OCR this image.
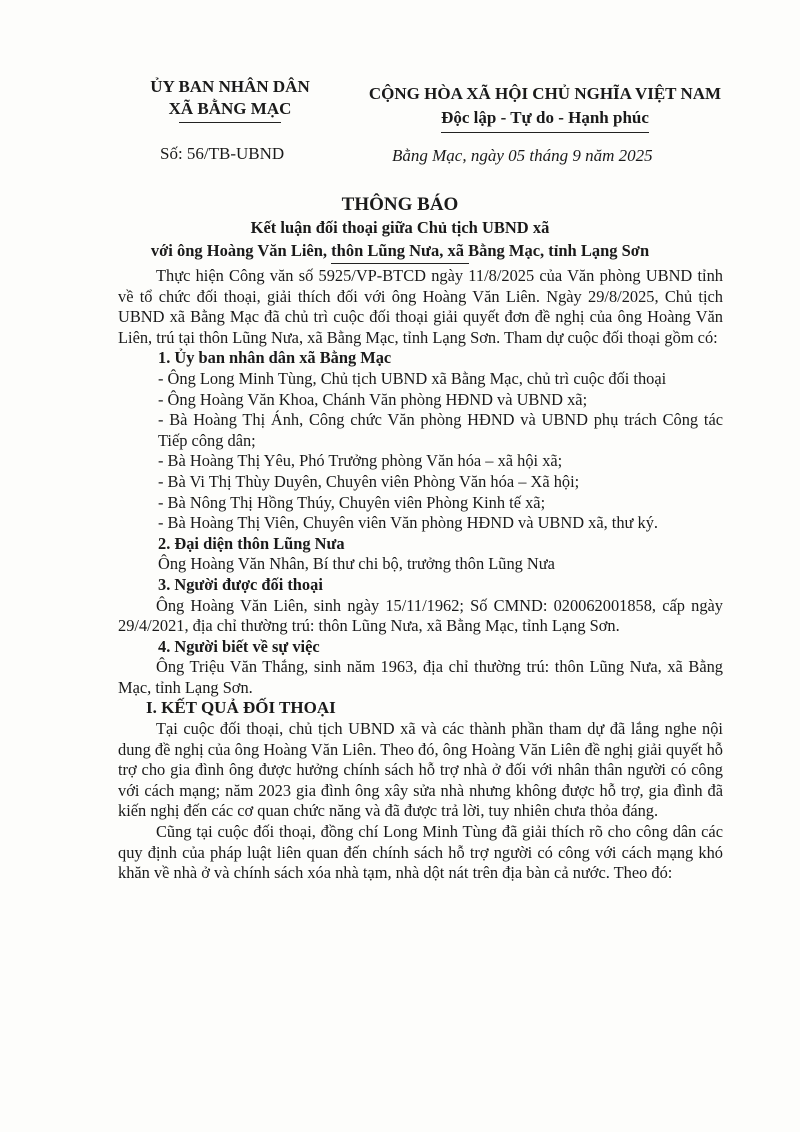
ỦY BAN NHÂN DÂN
XÃ BẰNG MẠC
CỘNG HÒA XÃ HỘI CHỦ NGHĨA VIỆT NAM
Độc lập - Tự do - Hạnh phúc
Số: 56/TB-UBND	Bằng Mạc, ngày 05 tháng 9 năm 2025
THÔNG BÁO
Kết luận đối thoại giữa Chủ tịch UBND xã
với ông Hoàng Văn Liên, thôn Lũng Nưa, xã Bằng Mạc, tỉnh Lạng Sơn

Thực hiện Công văn số 5925/VP-BTCD ngày 11/8/2025 của Văn phòng UBND tỉnh về tổ chức đối thoại, giải thích đối với ông Hoàng Văn Liên. Ngày 29/8/2025, Chủ tịch UBND xã Bằng Mạc đã chủ trì cuộc đối thoại giải quyết đơn đề nghị của ông Hoàng Văn Liên, trú tại thôn Lũng Nưa, xã Bằng Mạc, tỉnh Lạng Sơn. Tham dự cuộc đối thoại gồm có:

1. Ủy ban nhân dân xã Bằng Mạc

- Ông Long Minh Tùng, Chủ tịch UBND xã Bằng Mạc, chủ trì cuộc đối thoại

- Ông Hoàng Văn Khoa, Chánh Văn phòng HĐND và UBND xã;

- Bà Hoàng Thị Ánh, Công chức Văn phòng HĐND và UBND phụ trách Công tác Tiếp công dân;

- Bà Hoàng Thị Yêu, Phó Trưởng phòng Văn hóa – xã hội xã;

- Bà Vi Thị Thùy Duyên, Chuyên viên Phòng Văn hóa – Xã hội;

- Bà Nông Thị Hồng Thúy, Chuyên viên Phòng Kinh tế xã;

- Bà Hoàng Thị Viên, Chuyên viên Văn phòng HĐND và UBND xã, thư ký.

2. Đại diện thôn Lũng Nưa

Ông Hoàng Văn Nhân, Bí thư chi bộ, trưởng thôn Lũng Nưa

3. Người được đối thoại

Ông Hoàng Văn Liên, sinh ngày 15/11/1962; Số CMND: 020062001858, cấp ngày 29/4/2021, địa chỉ thường trú: thôn Lũng Nưa, xã Bằng Mạc, tỉnh Lạng Sơn.

4. Người biết về sự việc

Ông Triệu Văn Thắng, sinh năm 1963, địa chỉ thường trú: thôn Lũng Nưa, xã Bằng Mạc, tỉnh Lạng Sơn.

I. KẾT QUẢ ĐỐI THOẠI

Tại cuộc đối thoại, chủ tịch UBND xã và các thành phần tham dự đã lắng nghe nội dung đề nghị của ông Hoàng Văn Liên. Theo đó, ông Hoàng Văn Liên đề nghị giải quyết hỗ trợ cho gia đình ông được hưởng chính sách hỗ trợ nhà ở đối với nhân thân người có công với cách mạng; năm 2023 gia đình ông xây sửa nhà nhưng không được hỗ trợ, gia đình đã kiến nghị đến các cơ quan chức năng và đã được trả lời, tuy nhiên chưa thỏa đáng.

Cũng tại cuộc đối thoại, đồng chí Long Minh Tùng đã giải thích rõ cho công dân các quy định của pháp luật liên quan đến chính sách hỗ trợ người có công với cách mạng khó khăn về nhà ở và chính sách xóa nhà tạm, nhà dột nát trên địa bàn cả nước. Theo đó:
